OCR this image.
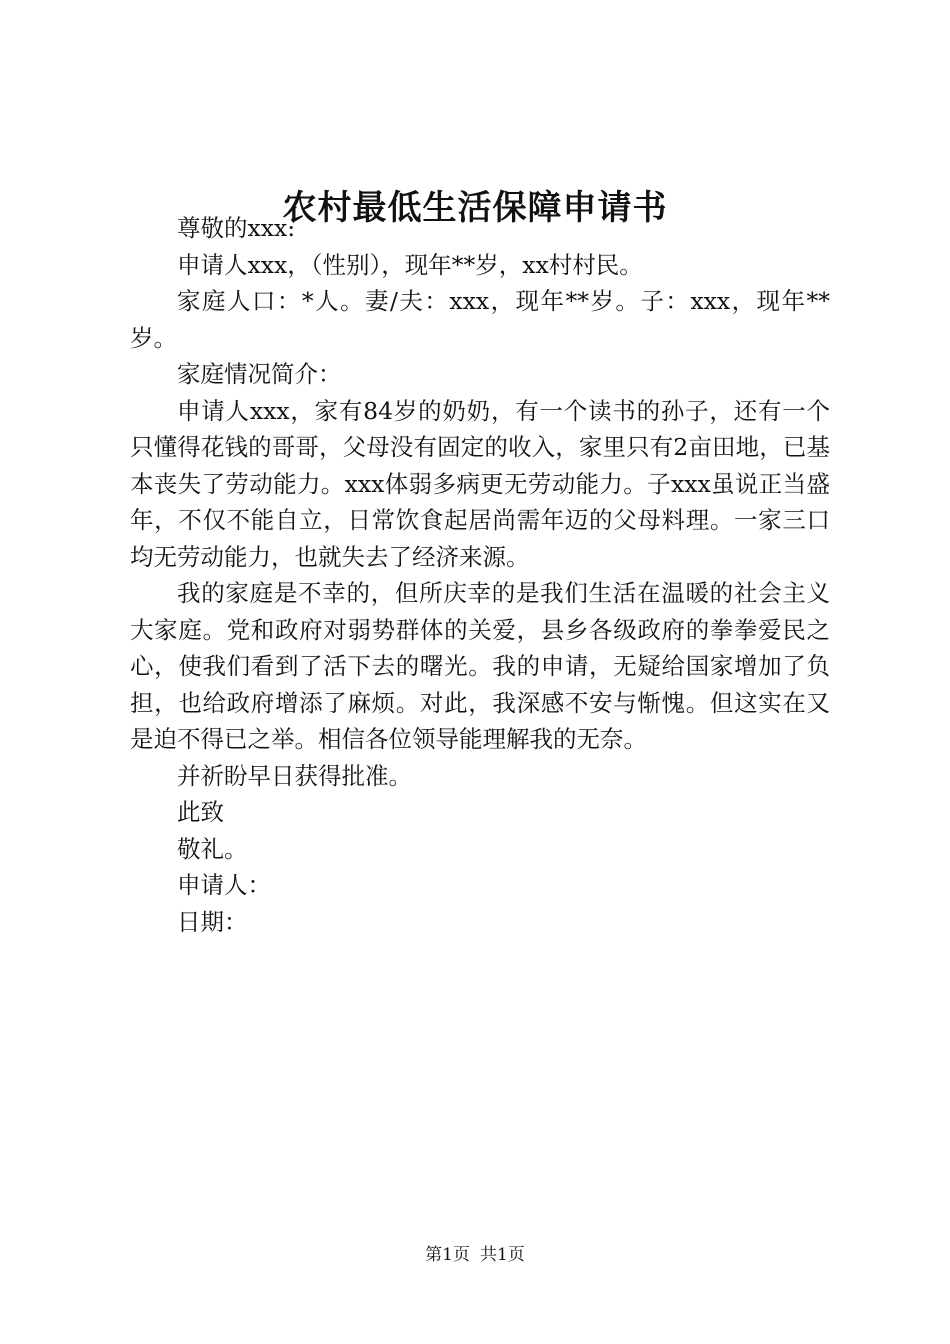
农村最低生活保障申请书

尊敬的xxx:

申请人xxx，（性别），现年**岁，xx村村民。

家庭人口：*人。妻/夫：xxx，现年**岁。子：xxx，现年**岁。

家庭情况简介：

申请人xxx，家有84岁的奶奶，有一个读书的孙子，还有一个只懂得花钱的哥哥，父母没有固定的收入，家里只有2亩田地，已基本丧失了劳动能力。xxx体弱多病更无劳动能力。子xxx虽说正当盛年，不仅不能自立，日常饮食起居尚需年迈的父母料理。一家三口均无劳动能力，也就失去了经济来源。

我的家庭是不幸的，但所庆幸的是我们生活在温暖的社会主义大家庭。党和政府对弱势群体的关爱，县乡各级政府的拳拳爱民之心，使我们看到了活下去的曙光。我的申请，无疑给国家增加了负担，也给政府增添了麻烦。对此，我深感不安与惭愧。但这实在又是迫不得已之举。相信各位领导能理解我的无奈。

并祈盼早日获得批准。

此致

敬礼。

申请人：

日期：

第1页 共1页
